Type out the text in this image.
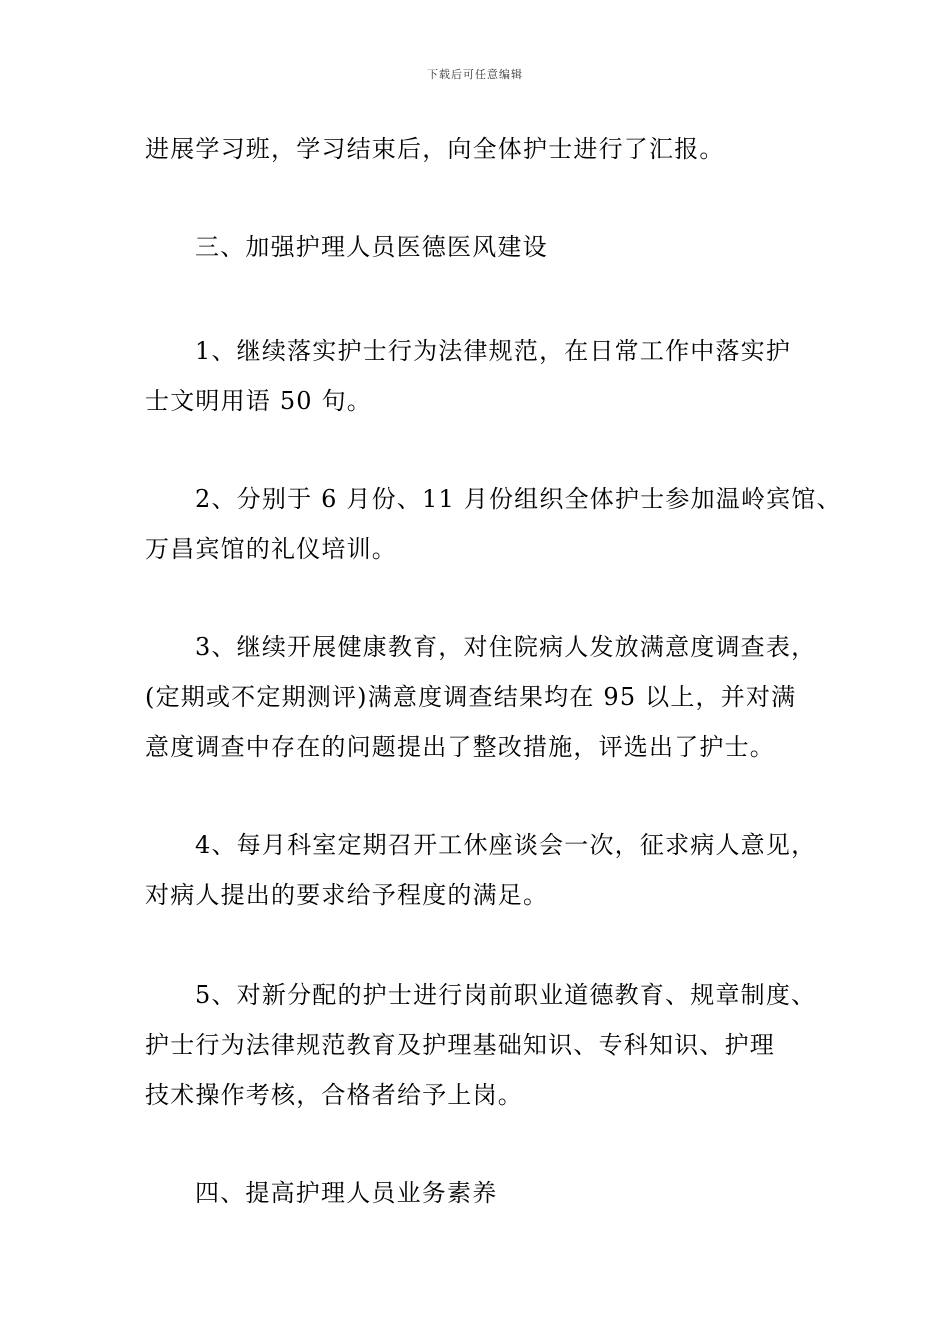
下载后可任意编辑
进展学习班，学习结束后，向全体护士进行了汇报。
三、加强护理人员医德医风建设
1、继续落实护士行为法律规范，在日常工作中落实护
士文明用语 50 句。
2、分别于 6 月份、11 月份组织全体护士参加温岭宾馆、
万昌宾馆的礼仪培训。
3、继续开展健康教育，对住院病人发放满意度调查表，
(定期或不定期测评)满意度调查结果均在 95 以上，并对满
意度调查中存在的问题提出了整改措施，评选出了护士。
4、每月科室定期召开工休座谈会一次，征求病人意见，
对病人提出的要求给予程度的满足。
5、对新分配的护士进行岗前职业道德教育、规章制度、
护士行为法律规范教育及护理基础知识、专科知识、护理
技术操作考核，合格者给予上岗。
四、提高护理人员业务素养
